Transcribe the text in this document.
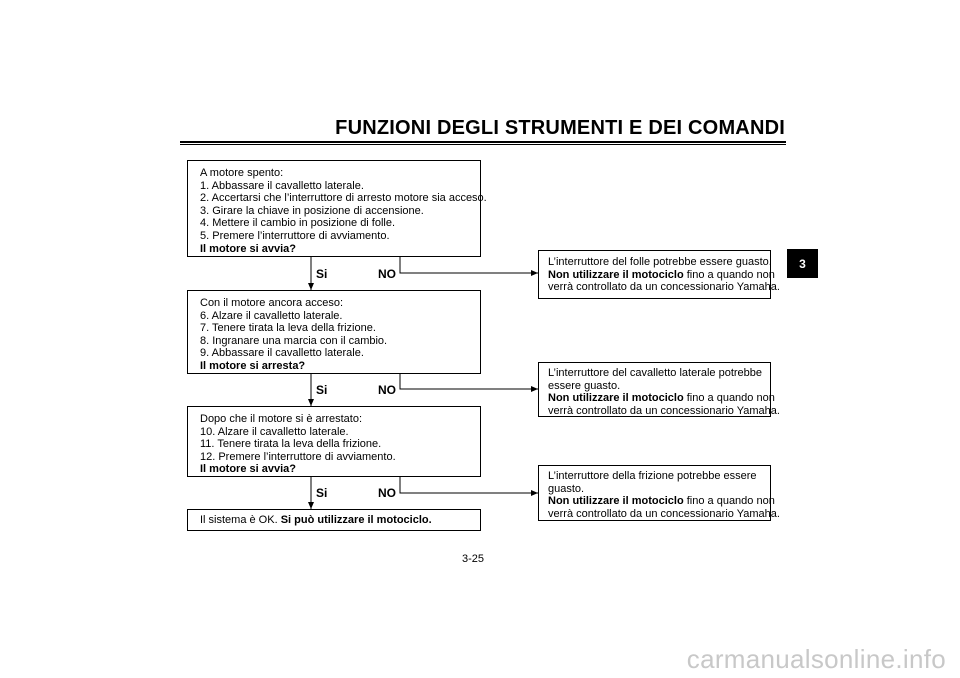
FUNZIONI DEGLI STRUMENTI E DEI COMANDI
3
A motore spento:
1. Abbassare il cavalletto laterale.
2. Accertarsi che l’interruttore di arresto motore sia acceso.
3. Girare la chiave in posizione di accensione.
4. Mettere il cambio in posizione di folle.
5. Premere l’interruttore di avviamento.
Il motore si avvia?
Si	NO
Con il motore ancora acceso:
6. Alzare il cavalletto laterale.
7. Tenere tirata la leva della frizione.
8. Ingranare una marcia con il cambio.
9. Abbassare il cavalletto laterale.
Il motore si arresta?
Si	NO
Dopo che il motore si è arrestato:
10. Alzare il cavalletto laterale.
11. Tenere tirata la leva della frizione.
12. Premere l’interruttore di avviamento.
Il motore si avvia?
Si	NO
Il sistema è OK. Si può utilizzare il motociclo.
L’interruttore del folle potrebbe essere guasto.
Non utilizzare il motociclo fino a quando non
verrà controllato da un concessionario Yamaha.
L’interruttore del cavalletto laterale potrebbe
essere guasto.
Non utilizzare il motociclo fino a quando non
verrà controllato da un concessionario Yamaha.
L’interruttore della frizione potrebbe essere
guasto.
Non utilizzare il motociclo fino a quando non
verrà controllato da un concessionario Yamaha.
3-25
carmanualsonline.info
